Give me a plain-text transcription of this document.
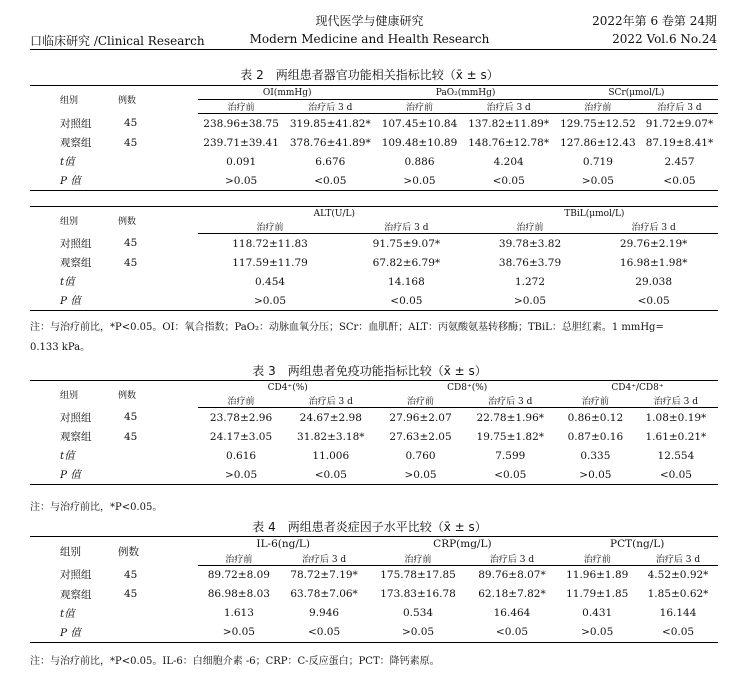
口临床研究 /Clinical Research
现代医学与健康研究
Modern Medicine and Health Research
2022年第 6 卷第 24期
2022 Vol.6 No.24
表 2　两组患者器官功能相关指标比较（x̄ ± s）
组别	例数	OI(mmHg)		PaO₂(mmHg)		SCr(μmol/L)	
		治疗前	治疗后 3 d	治疗前	治疗后 3 d	治疗前	治疗后 3 d
对照组	45	238.96±38.75	319.85±41.82*	107.45±10.84	137.82±11.89*	129.75±12.52	91.72±9.07*
观察组	45	239.71±39.41	378.76±41.89*	109.48±10.89	148.76±12.78*	127.86±12.43	87.19±8.41*
t值		0.091	6.676	0.886	4.204	0.719	2.457
P 值		>0.05	<0.05	>0.05	<0.05	>0.05	<0.05
组别	例数	ALT(U/L)		TBiL(μmol/L)	
		治疗前	治疗后 3 d	治疗前	治疗后 3 d
对照组	45	118.72±11.83	91.75±9.07*	39.78±3.82	29.76±2.19*
观察组	45	117.59±11.79	67.82±6.79*	38.76±3.79	16.98±1.98*
t值		0.454	14.168	1.272	29.038
P 值		>0.05	<0.05	>0.05	<0.05
注：与治疗前比，*P<0.05。OI：氧合指数；PaO₂：动脉血氧分压；SCr：血肌酐；ALT：丙氨酸氨基转移酶；TBiL：总胆红素。1 mmHg=
0.133 kPa。
表 3　两组患者免疫功能指标比较（x̄ ± s）
组别	例数	CD4⁺(%)		CD8⁺(%)		CD4⁺/CD8⁺	
		治疗前	治疗后 3 d	治疗前	治疗后 3 d	治疗前	治疗后 3 d
对照组	45	23.78±2.96	24.67±2.98	27.96±2.07	22.78±1.96*	0.86±0.12	1.08±0.19*
观察组	45	24.17±3.05	31.82±3.18*	27.63±2.05	19.75±1.82*	0.87±0.16	1.61±0.21*
t值		0.616	11.006	0.760	7.599	0.335	12.554
P 值		>0.05	<0.05	>0.05	<0.05	>0.05	<0.05
注：与治疗前比，*P<0.05。
表 4　两组患者炎症因子水平比较（x̄ ± s）
组别	例数	IL-6(ng/L)		CRP(mg/L)		PCT(ng/L)	
		治疗前	治疗后 3 d	治疗前	治疗后 3 d	治疗前	治疗后 3 d
对照组	45	89.72±8.09	78.72±7.19*	175.78±17.85	89.76±8.07*	11.96±1.89	4.52±0.92*
观察组	45	86.98±8.03	63.78±7.06*	173.83±16.78	62.18±7.82*	11.79±1.85	1.85±0.62*
t值		1.613	9.946	0.534	16.464	0.431	16.144
P 值		>0.05	<0.05	>0.05	<0.05	>0.05	<0.05
注：与治疗前比，*P<0.05。IL-6：白细胞介素 -6；CRP：C-反应蛋白；PCT：降钙素原。
